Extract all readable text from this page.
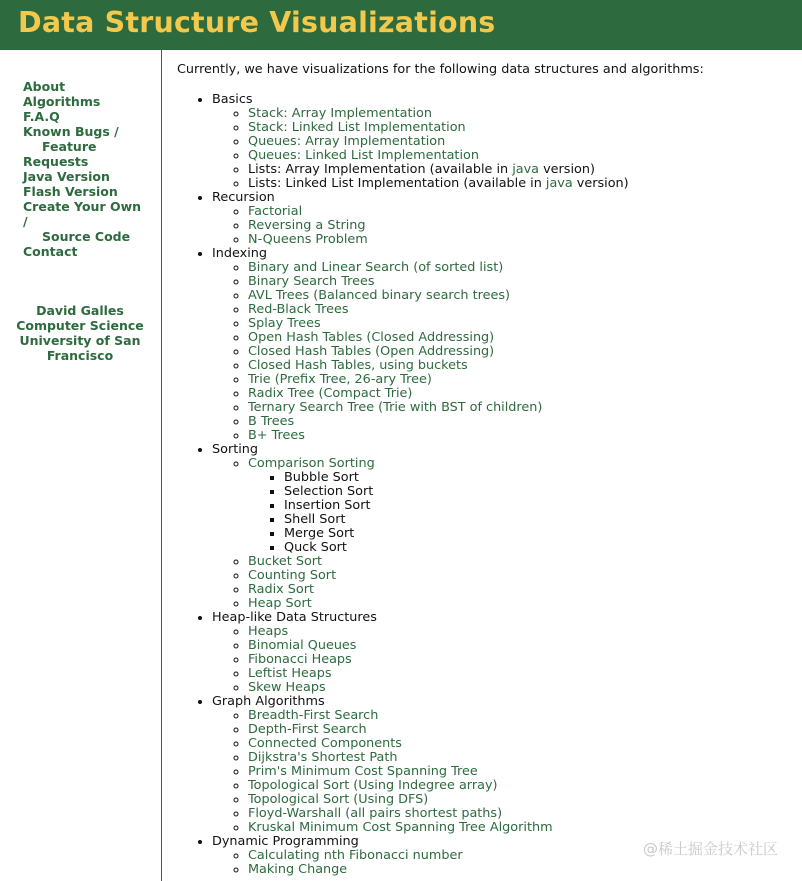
Data Structure Visualizations
About
Algorithms
F.A.Q
Known Bugs /
Feature
Requests
Java Version
Flash Version
Create Your Own
/
Source Code
Contact
David Galles
Computer Science
University of San
Francisco

Currently, we have visualizations for the following data structures and algorithms:

• Basics
◦ Stack: Array Implementation
◦ Stack: Linked List Implementation
◦ Queues: Array Implementation
◦ Queues: Linked List Implementation
◦ Lists: Array Implementation (available in java version)
◦ Lists: Linked List Implementation (available in java version)
• Recursion
◦ Factorial
◦ Reversing a String
◦ N-Queens Problem
• Indexing
◦ Binary and Linear Search (of sorted list)
◦ Binary Search Trees
◦ AVL Trees (Balanced binary search trees)
◦ Red-Black Trees
◦ Splay Trees
◦ Open Hash Tables (Closed Addressing)
◦ Closed Hash Tables (Open Addressing)
◦ Closed Hash Tables, using buckets
◦ Trie (Prefix Tree, 26-ary Tree)
◦ Radix Tree (Compact Trie)
◦ Ternary Search Tree (Trie with BST of children)
◦ B Trees
◦ B+ Trees
• Sorting
◦ Comparison Sorting
▪ Bubble Sort
▪ Selection Sort
▪ Insertion Sort
▪ Shell Sort
▪ Merge Sort
▪ Quck Sort
◦ Bucket Sort
◦ Counting Sort
◦ Radix Sort
◦ Heap Sort
• Heap-like Data Structures
◦ Heaps
◦ Binomial Queues
◦ Fibonacci Heaps
◦ Leftist Heaps
◦ Skew Heaps
• Graph Algorithms
◦ Breadth-First Search
◦ Depth-First Search
◦ Connected Components
◦ Dijkstra's Shortest Path
◦ Prim's Minimum Cost Spanning Tree
◦ Topological Sort (Using Indegree array)
◦ Topological Sort (Using DFS)
◦ Floyd-Warshall (all pairs shortest paths)
◦ Kruskal Minimum Cost Spanning Tree Algorithm
• Dynamic Programming
◦ Calculating nth Fibonacci number
◦ Making Change
@稀土掘金技术社区
